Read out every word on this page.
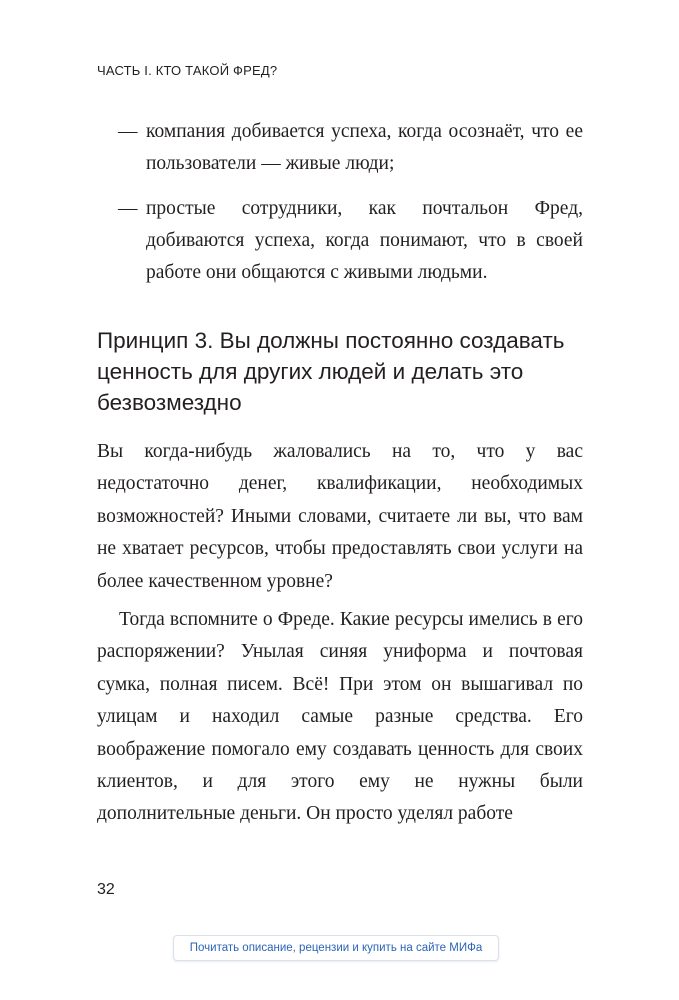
ЧАСТЬ I. КТО ТАКОЙ ФРЕД?
— компания добивается успеха, когда осознаёт, что ее пользователи — живые люди;
— простые сотрудники, как почтальон Фред, добиваются успеха, когда понимают, что в своей работе они общаются с живыми людьми.
Принцип 3. Вы должны постоянно создавать
ценность для других людей и делать это
безвозмездно

Вы когда-нибудь жаловались на то, что у вас недостаточно денег, квалификации, необходимых возможностей? Иными словами, считаете ли вы, что вам не хватает ресурсов, чтобы предоставлять свои услуги на более качественном уровне?

Тогда вспомните о Фреде. Какие ресурсы имелись в его распоряжении? Унылая синяя униформа и почтовая сумка, полная писем. Всё! При этом он вышагивал по улицам и находил самые разные средства. Его воображение помогало ему создавать ценность для своих клиентов, и для этого ему не нужны были дополнительные деньги. Он просто уделял работе

32
Почитать описание, рецензии и купить на сайте МИФа
